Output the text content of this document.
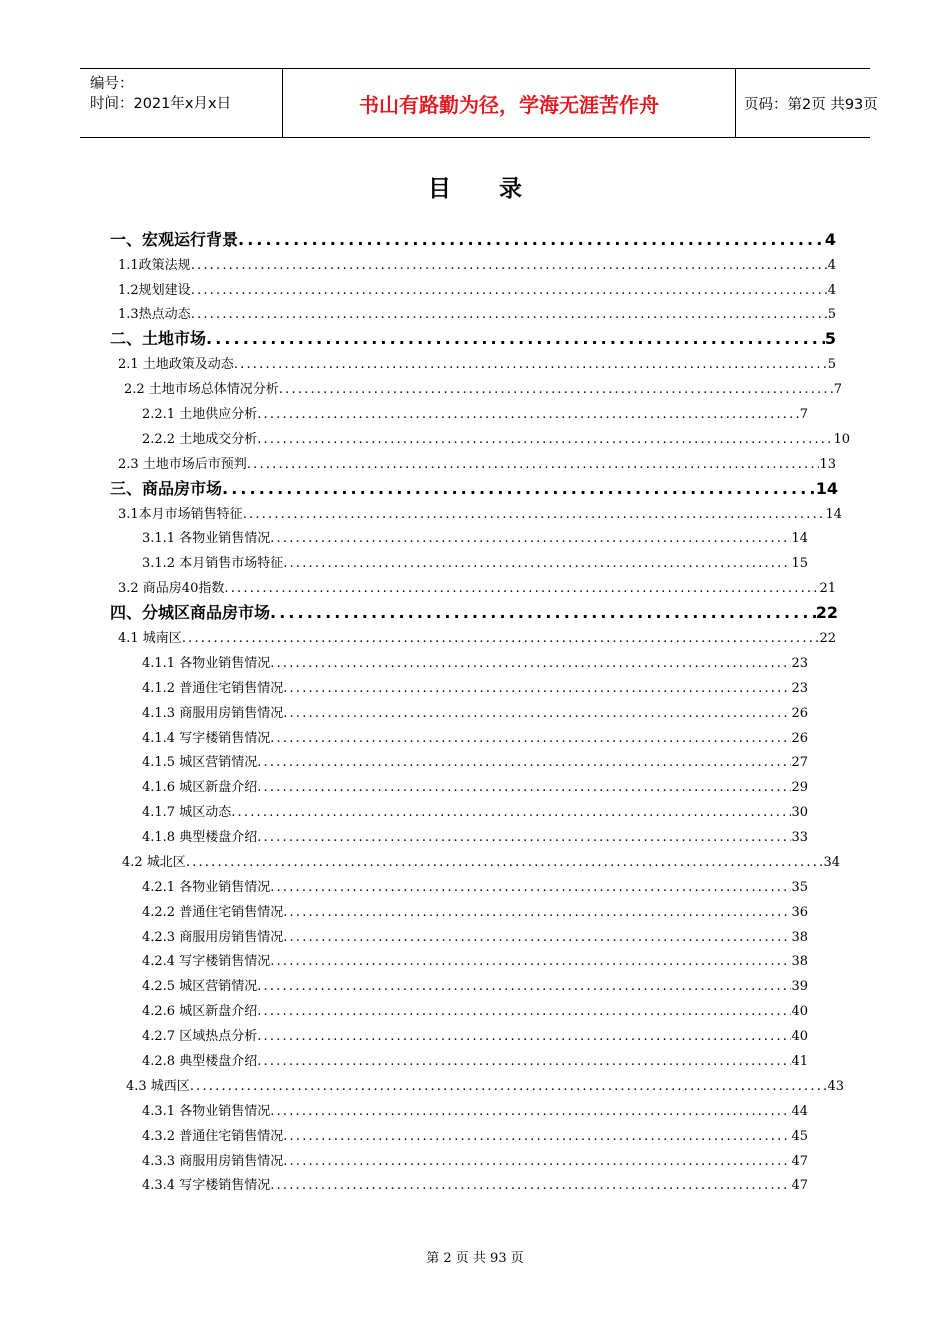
编号：
时间：2021年x月x日	书山有路勤为径，学海无涯苦作舟	页码：第2页 共93页
目 录
一、宏观运行背景 .....	4
1.1政策法规 .....	4
1.2规划建设 .....	4
1.3热点动态 .....	5
二、土地市场 .....	5
2.1 土地政策及动态 .....	5
2.2 土地市场总体情况分析 .....	7
2.2.1 土地供应分析 .....	7
2.2.2 土地成交分析 .....	10
2.3 土地市场后市预判 .....	13
三、商品房市场 .....	14
3.1本月市场销售特征 .....	14
3.1.1 各物业销售情况 .....	14
3.1.2 本月销售市场特征 .....	15
3.2 商品房40指数 .....	21
四、分城区商品房市场 .....	22
4.1 城南区 .....	22
4.1.1 各物业销售情况 .....	23
4.1.2 普通住宅销售情况 .....	23
4.1.3 商服用房销售情况 .....	26
4.1.4 写字楼销售情况 .....	26
4.1.5 城区营销情况 .....	27
4.1.6 城区新盘介绍 .....	29
4.1.7 城区动态 .....	30
4.1.8 典型楼盘介绍 .....	33
4.2 城北区 .....	34
4.2.1 各物业销售情况 .....	35
4.2.2 普通住宅销售情况 .....	36
4.2.3 商服用房销售情况 .....	38
4.2.4 写字楼销售情况 .....	38
4.2.5 城区营销情况 .....	39
4.2.6 城区新盘介绍 .....	40
4.2.7 区域热点分析 .....	40
4.2.8 典型楼盘介绍 .....	41
4.3 城西区 .....	43
4.3.1 各物业销售情况 .....	44
4.3.2 普通住宅销售情况 .....	45
4.3.3 商服用房销售情况 .....	47
4.3.4 写字楼销售情况 .....	47
第 2 页 共 93 页
